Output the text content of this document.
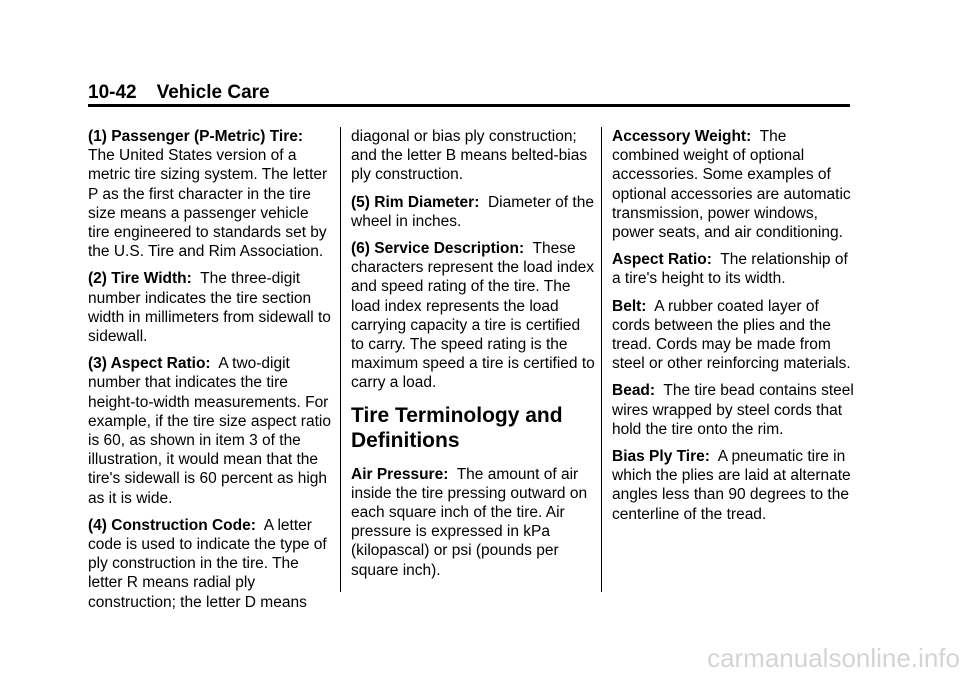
10-42 Vehicle Care

(1) Passenger (P-Metric) Tire:  The United States version of a metric tire sizing system. The letter P as the first character in the tire size means a passenger vehicle tire engineered to standards set by the U.S. Tire and Rim Association.

(2) Tire Width: The three-digit number indicates the tire section width in millimeters from sidewall to sidewall.

(3) Aspect Ratio: A two-digit number that indicates the tire height-to-width measurements. For example, if the tire size aspect ratio is 60, as shown in item 3 of the illustration, it would mean that the tire's sidewall is 60 percent as high as it is wide.

(4) Construction Code: A letter code is used to indicate the type of ply construction in the tire. The letter R means radial ply construction; the letter D means

diagonal or bias ply construction; and the letter B means belted-bias ply construction.

(5) Rim Diameter: Diameter of the wheel in inches.

(6) Service Description: These characters represent the load index and speed rating of the tire. The load index represents the load carrying capacity a tire is certified to carry. The speed rating is the maximum speed a tire is certified to carry a load.

Tire Terminology and Definitions

Air Pressure: The amount of air inside the tire pressing outward on each square inch of the tire. Air pressure is expressed in kPa (kilopascal) or psi (pounds per square inch).

Accessory Weight: The combined weight of optional accessories. Some examples of optional accessories are automatic transmission, power windows, power seats, and air conditioning.

Aspect Ratio: The relationship of a tire's height to its width.

Belt: A rubber coated layer of cords between the plies and the tread. Cords may be made from steel or other reinforcing materials.

Bead: The tire bead contains steel wires wrapped by steel cords that hold the tire onto the rim.

Bias Ply Tire: A pneumatic tire in which the plies are laid at alternate angles less than 90 degrees to the centerline of the tread.

carmanualsonline.info
